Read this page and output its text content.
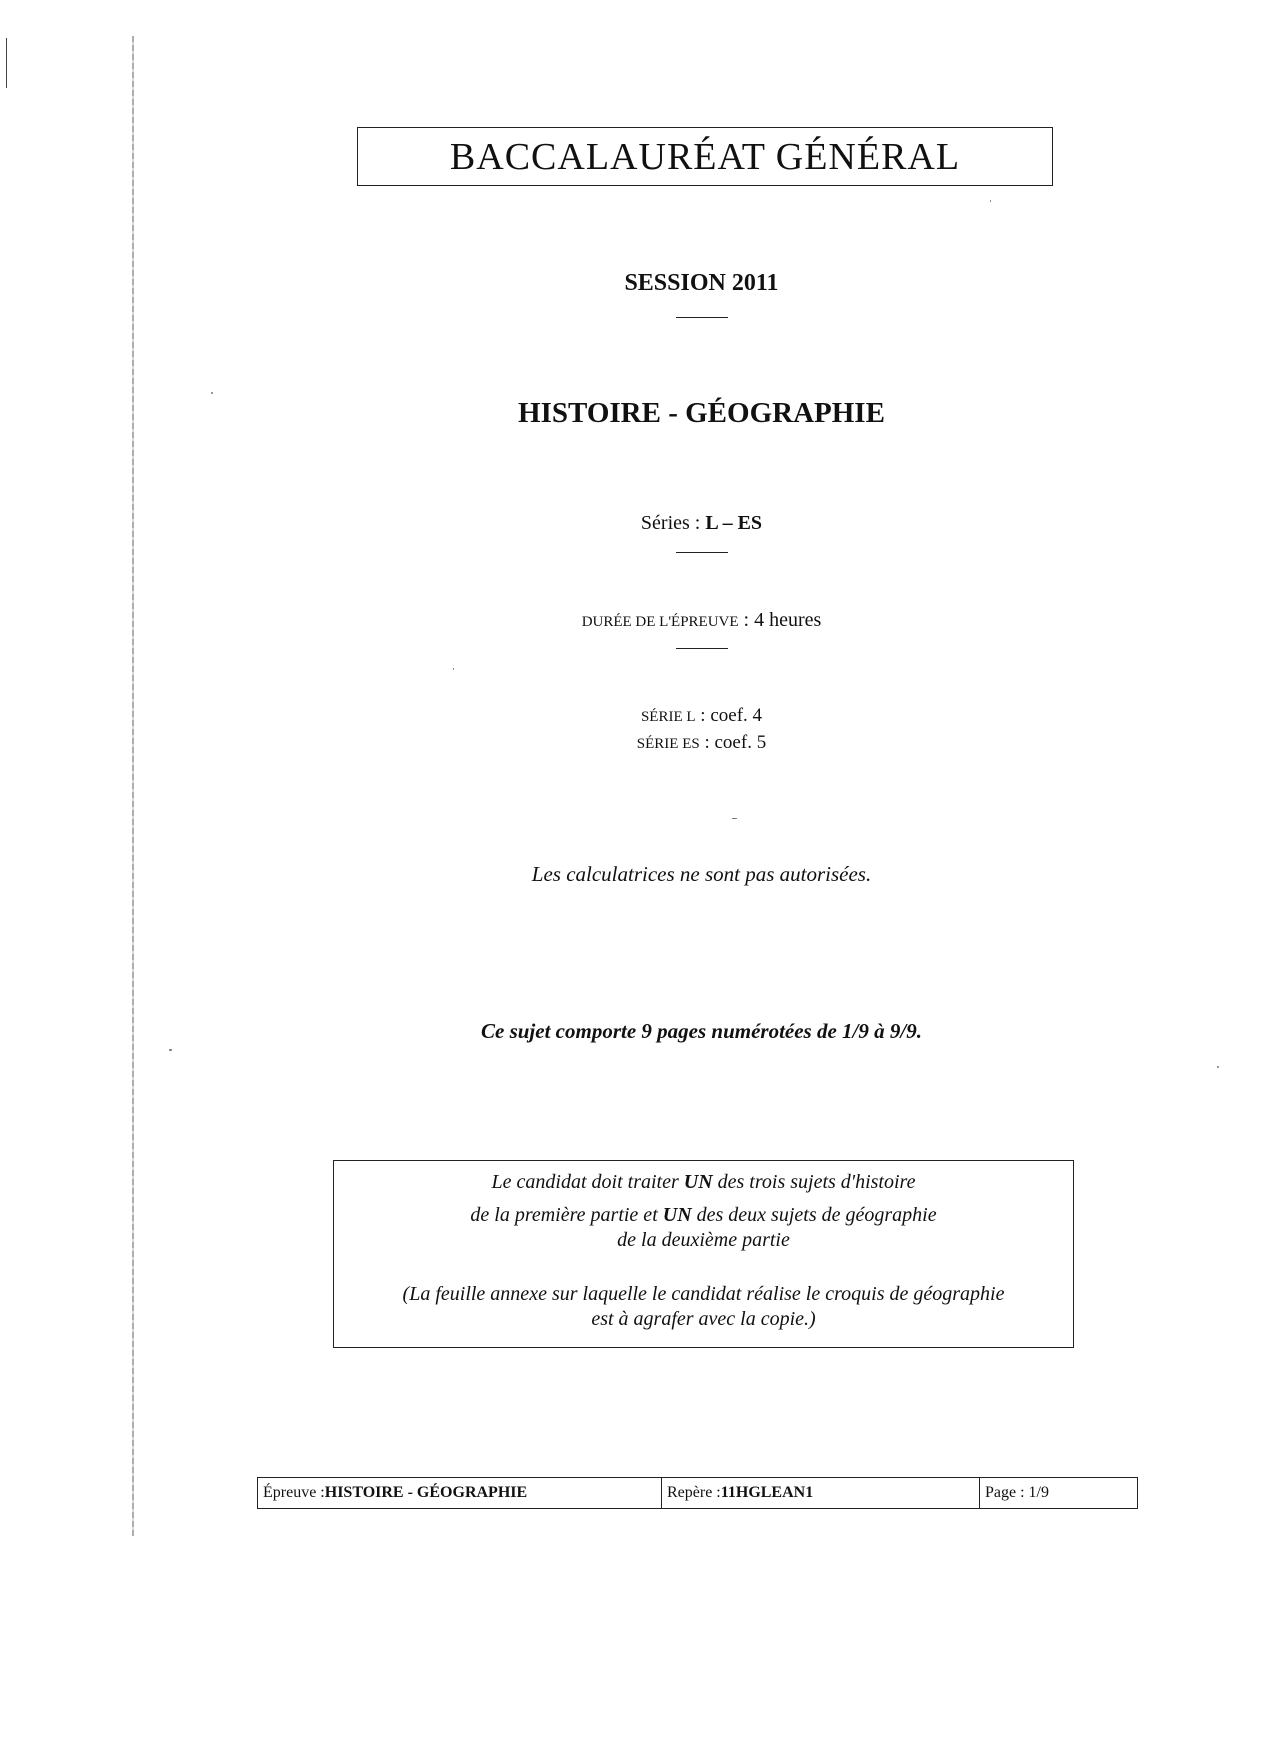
BACCALAURÉAT GÉNÉRAL
SESSION 2011
HISTOIRE - GÉOGRAPHIE
Séries : L – ES
DURÉE DE L'ÉPREUVE : 4 heures
SÉRIE L : coef. 4
SÉRIE ES : coef. 5
Les calculatrices ne sont pas autorisées.
Ce sujet comporte 9 pages numérotées de 1/9 à 9/9.
Le candidat doit traiter UN des trois sujets d'histoire
de la première partie et UN des deux sujets de géographie
de la deuxième partie
(La feuille annexe sur laquelle le candidat réalise le croquis de géographie
est à agrafer avec la copie.)
Épreuve : HISTOIRE - GÉOGRAPHIE	Repère : 11HGLEAN1	Page : 1/9
